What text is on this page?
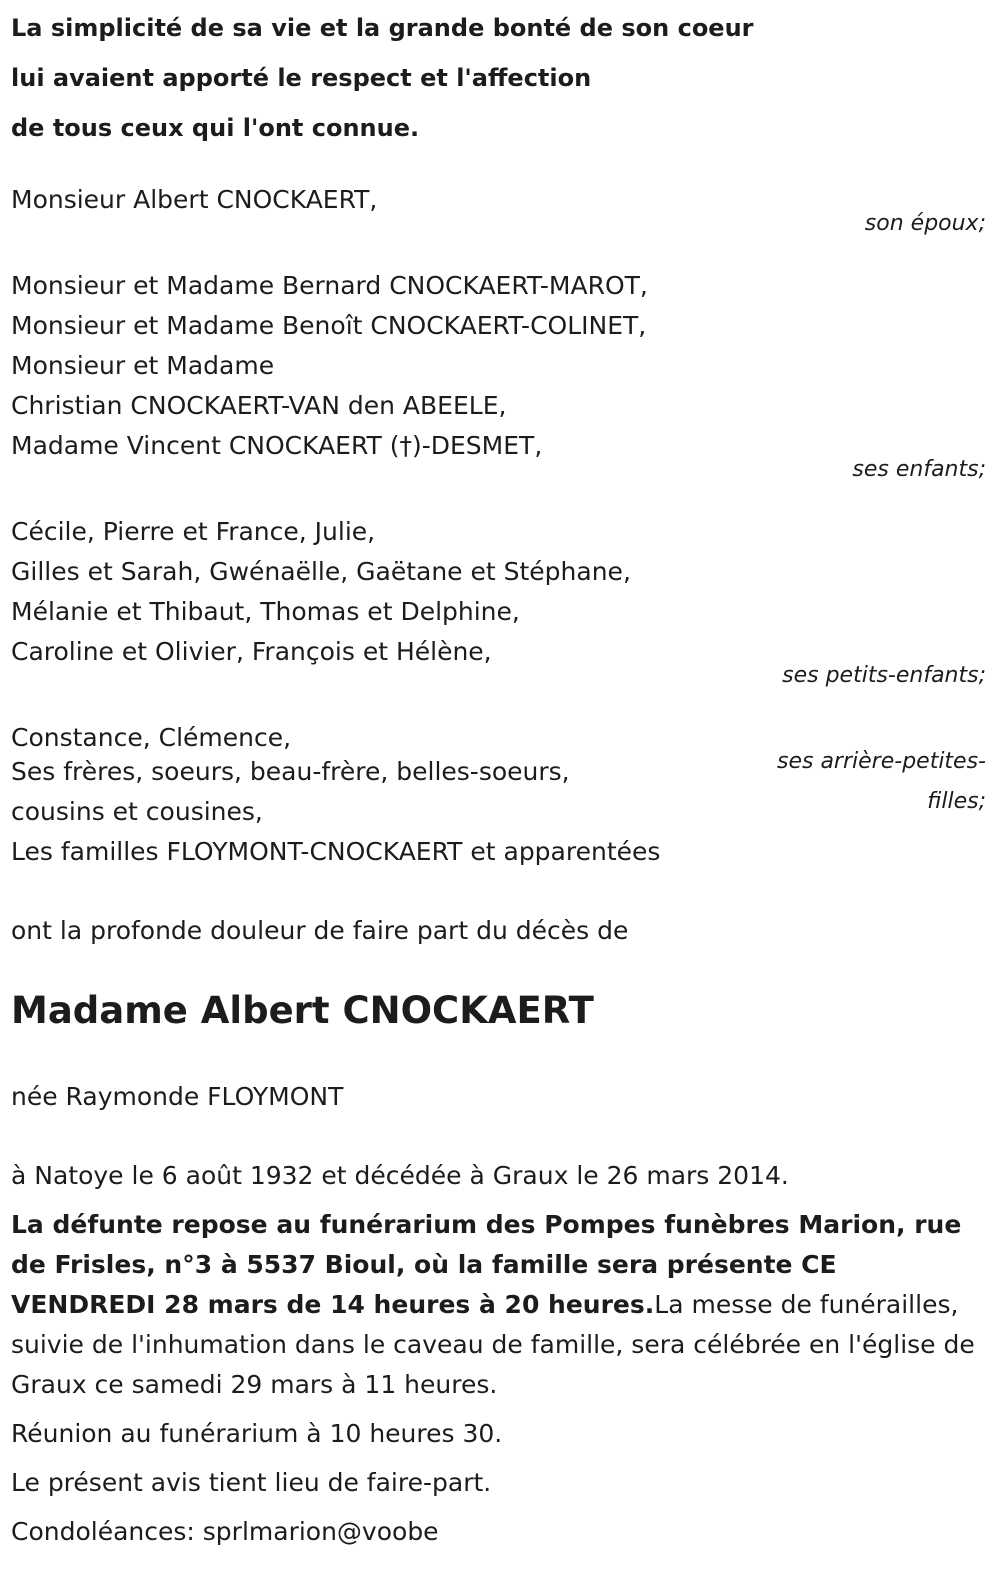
La simplicité de sa vie et la grande bonté de son coeur
lui avaient apporté le respect et l'affection
de tous ceux qui l'ont connue.
Monsieur Albert CNOCKAERT,
son époux;
Monsieur et Madame Bernard CNOCKAERT-MAROT,
Monsieur et Madame Benoît CNOCKAERT-COLINET,
Monsieur et Madame
Christian CNOCKAERT-VAN den ABEELE,
Madame Vincent CNOCKAERT (†)-DESMET,
ses enfants;
Cécile, Pierre et France, Julie,
Gilles et Sarah, Gwénaëlle, Gaëtane et Stéphane,
Mélanie et Thibaut, Thomas et Delphine,
Caroline et Olivier, François et Hélène,
ses petits-enfants;
Constance, Clémence,
ses arrière-petites-
filles;
Ses frères, soeurs, beau-frère, belles-soeurs,
cousins et cousines,
Les familles FLOYMONT-CNOCKAERT et apparentées
ont la profonde douleur de faire part du décès de
Madame Albert CNOCKAERT
née Raymonde FLOYMONT

à Natoye le 6 août 1932 et décédée à Graux le 26 mars 2014.

La défunte repose au funérarium des Pompes funèbres Marion, rue de Frisles, n°3 à 5537 Bioul, où la famille sera présente CE VENDREDI 28 mars de 14 heures à 20 heures.La messe de funérailles, suivie de l'inhumation dans le caveau de famille, sera célébrée en l'église de Graux ce samedi 29 mars à 11 heures.

Réunion au funérarium à 10 heures 30.

Le présent avis tient lieu de faire-part.

Condoléances: sprlmarion@voobe
